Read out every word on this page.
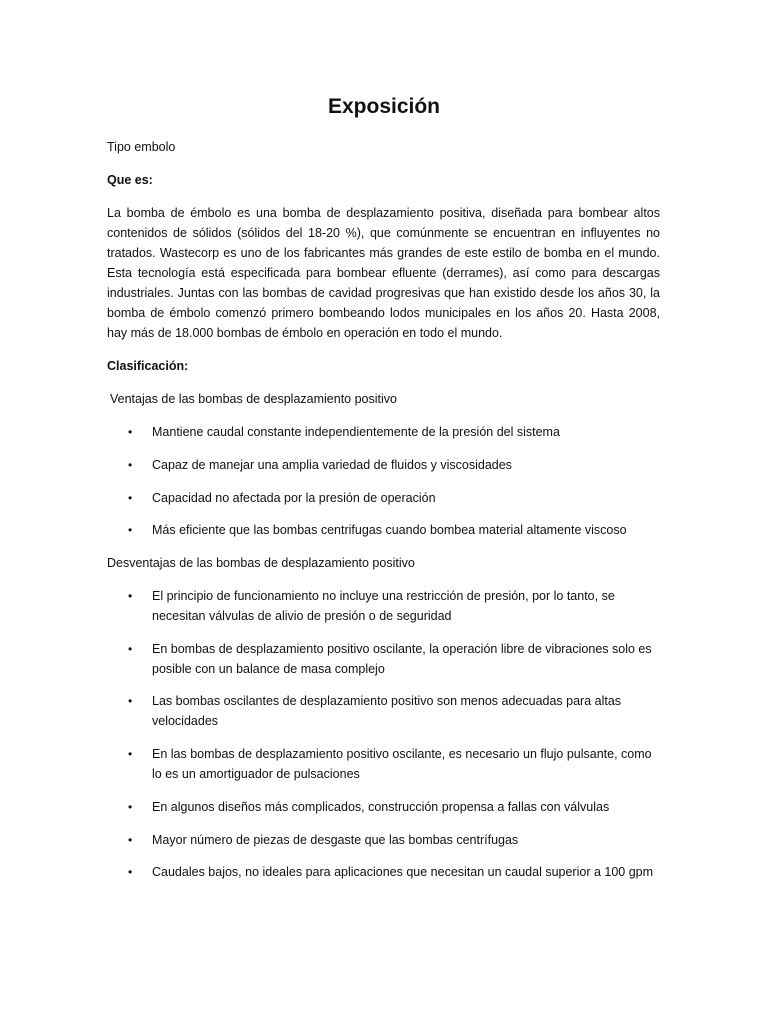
Exposición
Tipo embolo
Que es:
La bomba de émbolo es una bomba de desplazamiento positiva, diseñada para bombear altos contenidos de sólidos (sólidos del 18-20 %), que comúnmente se encuentran en influyentes no tratados. Wastecorp es uno de los fabricantes más grandes de este estilo de bomba en el mundo. Esta tecnología está especificada para bombear efluente (derrames), así como para descargas industriales. Juntas con las bombas de cavidad progresivas que han existido desde los años 30, la bomba de émbolo comenzó primero bombeando lodos municipales en los años 20. Hasta 2008, hay más de 18.000 bombas de émbolo en operación en todo el mundo.
Clasificación:
Ventajas de las bombas de desplazamiento positivo
• Mantiene caudal constante independientemente de la presión del sistema
• Capaz de manejar una amplia variedad de fluidos y viscosidades
• Capacidad no afectada por la presión de operación
• Más eficiente que las bombas centrifugas cuando bombea material altamente viscoso
Desventajas de las bombas de desplazamiento positivo
• El principio de funcionamiento no incluye una restricción de presión, por lo tanto, se necesitan válvulas de alivio de presión o de seguridad
• En bombas de desplazamiento positivo oscilante, la operación libre de vibraciones solo es posible con un balance de masa complejo
• Las bombas oscilantes de desplazamiento positivo son menos adecuadas para altas velocidades
• En las bombas de desplazamiento positivo oscilante, es necesario un flujo pulsante, como lo es un amortiguador de pulsaciones
• En algunos diseños más complicados, construcción propensa a fallas con válvulas
• Mayor número de piezas de desgaste que las bombas centrífugas
• Caudales bajos, no ideales para aplicaciones que necesitan un caudal superior a 100 gpm
